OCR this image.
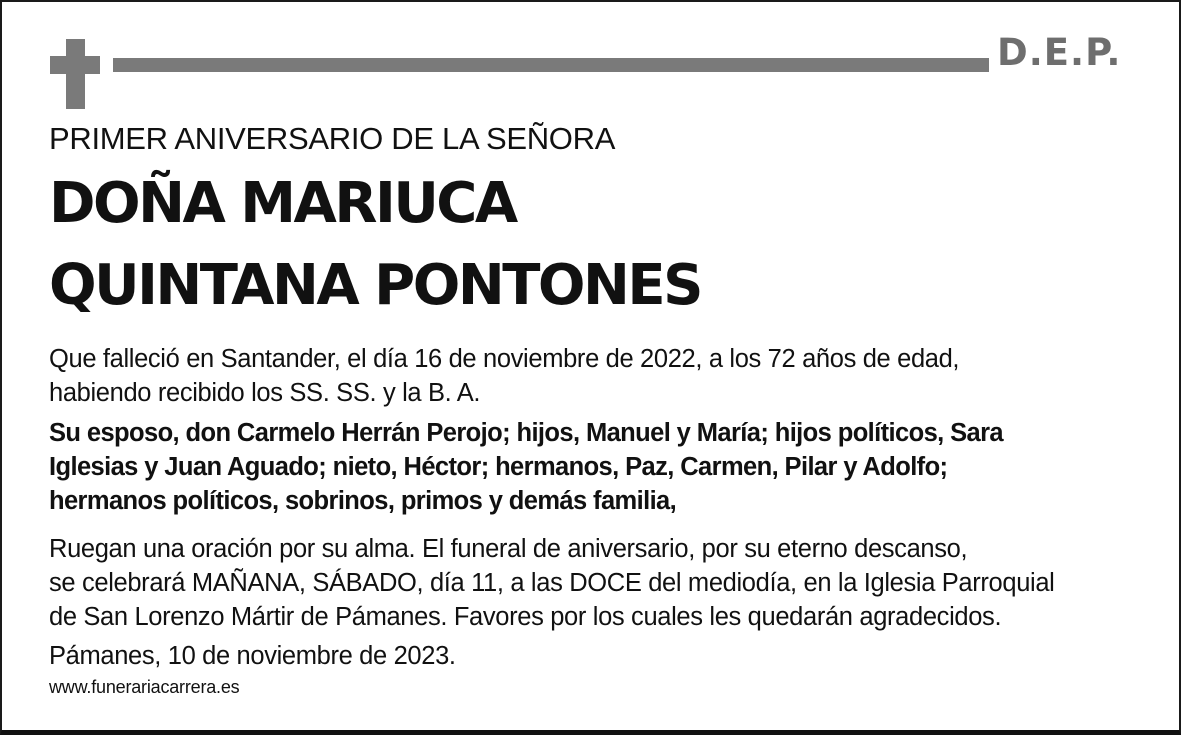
D.E.P.
PRIMER ANIVERSARIO DE LA SEÑORA
DOÑA MARIUCA
QUINTANA PONTONES
Que falleció en Santander, el día 16 de noviembre de 2022, a los 72 años de edad,
habiendo recibido los SS. SS. y la B. A.
Su esposo, don Carmelo Herrán Perojo; hijos, Manuel y María; hijos políticos, Sara
Iglesias y Juan Aguado; nieto, Héctor; hermanos, Paz, Carmen, Pilar y Adolfo;
hermanos políticos, sobrinos, primos y demás familia,
Ruegan una oración por su alma. El funeral de aniversario, por su eterno descanso,
se celebrará MAÑANA, SÁBADO, día 11, a las DOCE del mediodía, en la Iglesia Parroquial
de San Lorenzo Mártir de Pámanes. Favores por los cuales les quedarán agradecidos.
Pámanes, 10 de noviembre de 2023.
www.funerariacarrera.es
